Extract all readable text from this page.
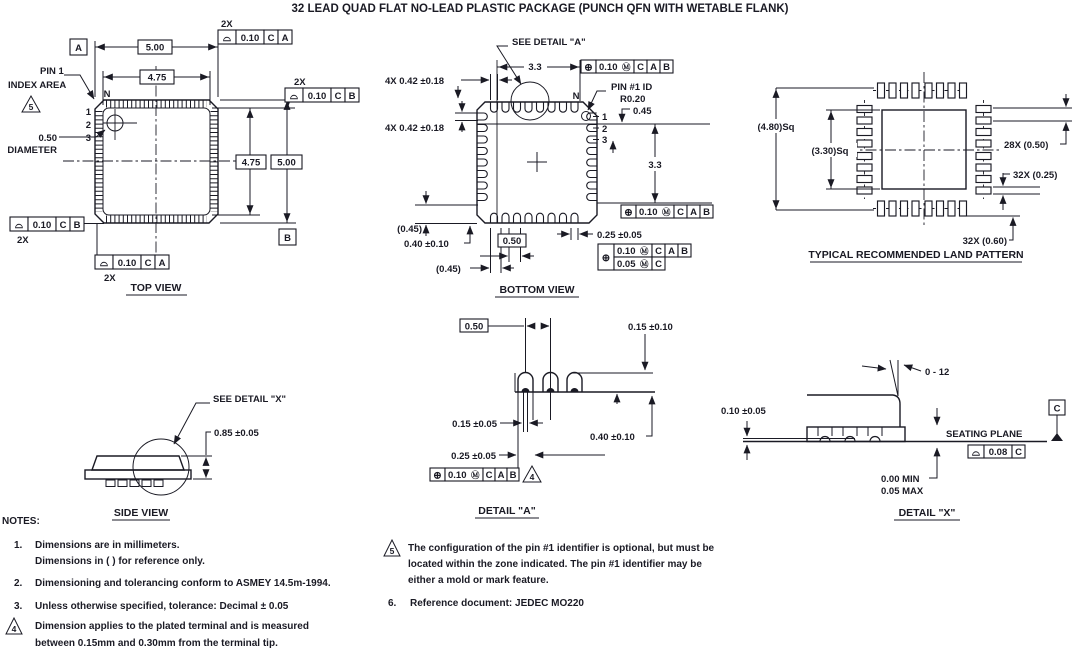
32 LEAD QUAD FLAT NO-LEAD PLASTIC PACKAGE (PUNCH QFN WITH WETABLE FLANK)
5.00
4.75
4.75 5.00
A
B
2X
⌓ 0.10 C A
2X
⌓ 0.10 C B
⌓ 0.10 C B
2X
⌓ 0.10 C A
2X
PIN 1
INDEX AREA
5
N
1
2
3
0.50
DIAMETER
TOP VIEW
SEE DETAIL "A"
3.3
3.3
4X 0.42 ±0.18
4X 0.42 ±0.18
PIN #1 ID
R0.20
0.45
N
1
2
3
(0.45)
0.40 ±0.10	0.50
(0.45)
0.25 ±0.05
⊕ 0.10 Ⓜ C A B
⊕ 0.10 Ⓜ C A B
⊕
0.10 Ⓜ C A B
0.05 Ⓜ C
BOTTOM VIEW
(4.80)Sq
(3.30)Sq
28X (0.50)
32X (0.25)
32X (0.60)
TYPICAL RECOMMENDED LAND PATTERN
SEE DETAIL "X"
0.85 ±0.05
SIDE VIEW
0.50	0.15 ±0.10
0.15 ±0.05
0.40 ±0.10
0.25 ±0.05
⊕ 0.10 Ⓜ C A B 4
DETAIL "A"
0 - 12
0.10 ±0.05	C
SEATING PLANE
⌓ 0.08 C
0.00 MIN
0.05 MAX
DETAIL "X"
NOTES:
1. Dimensions are in millimeters.
Dimensions in ( ) for reference only.
2. Dimensioning and tolerancing conform to ASMEY 14.5m-1994.
3. Unless otherwise specified, tolerance: Decimal ± 0.05
4 Dimension applies to the plated terminal and is measured
between 0.15mm and 0.30mm from the terminal tip.
5 The configuration of the pin #1 identifier is optional, but must be
located within the zone indicated. The pin #1 identifier may be
either a mold or mark feature.
6. Reference document: JEDEC MO220
